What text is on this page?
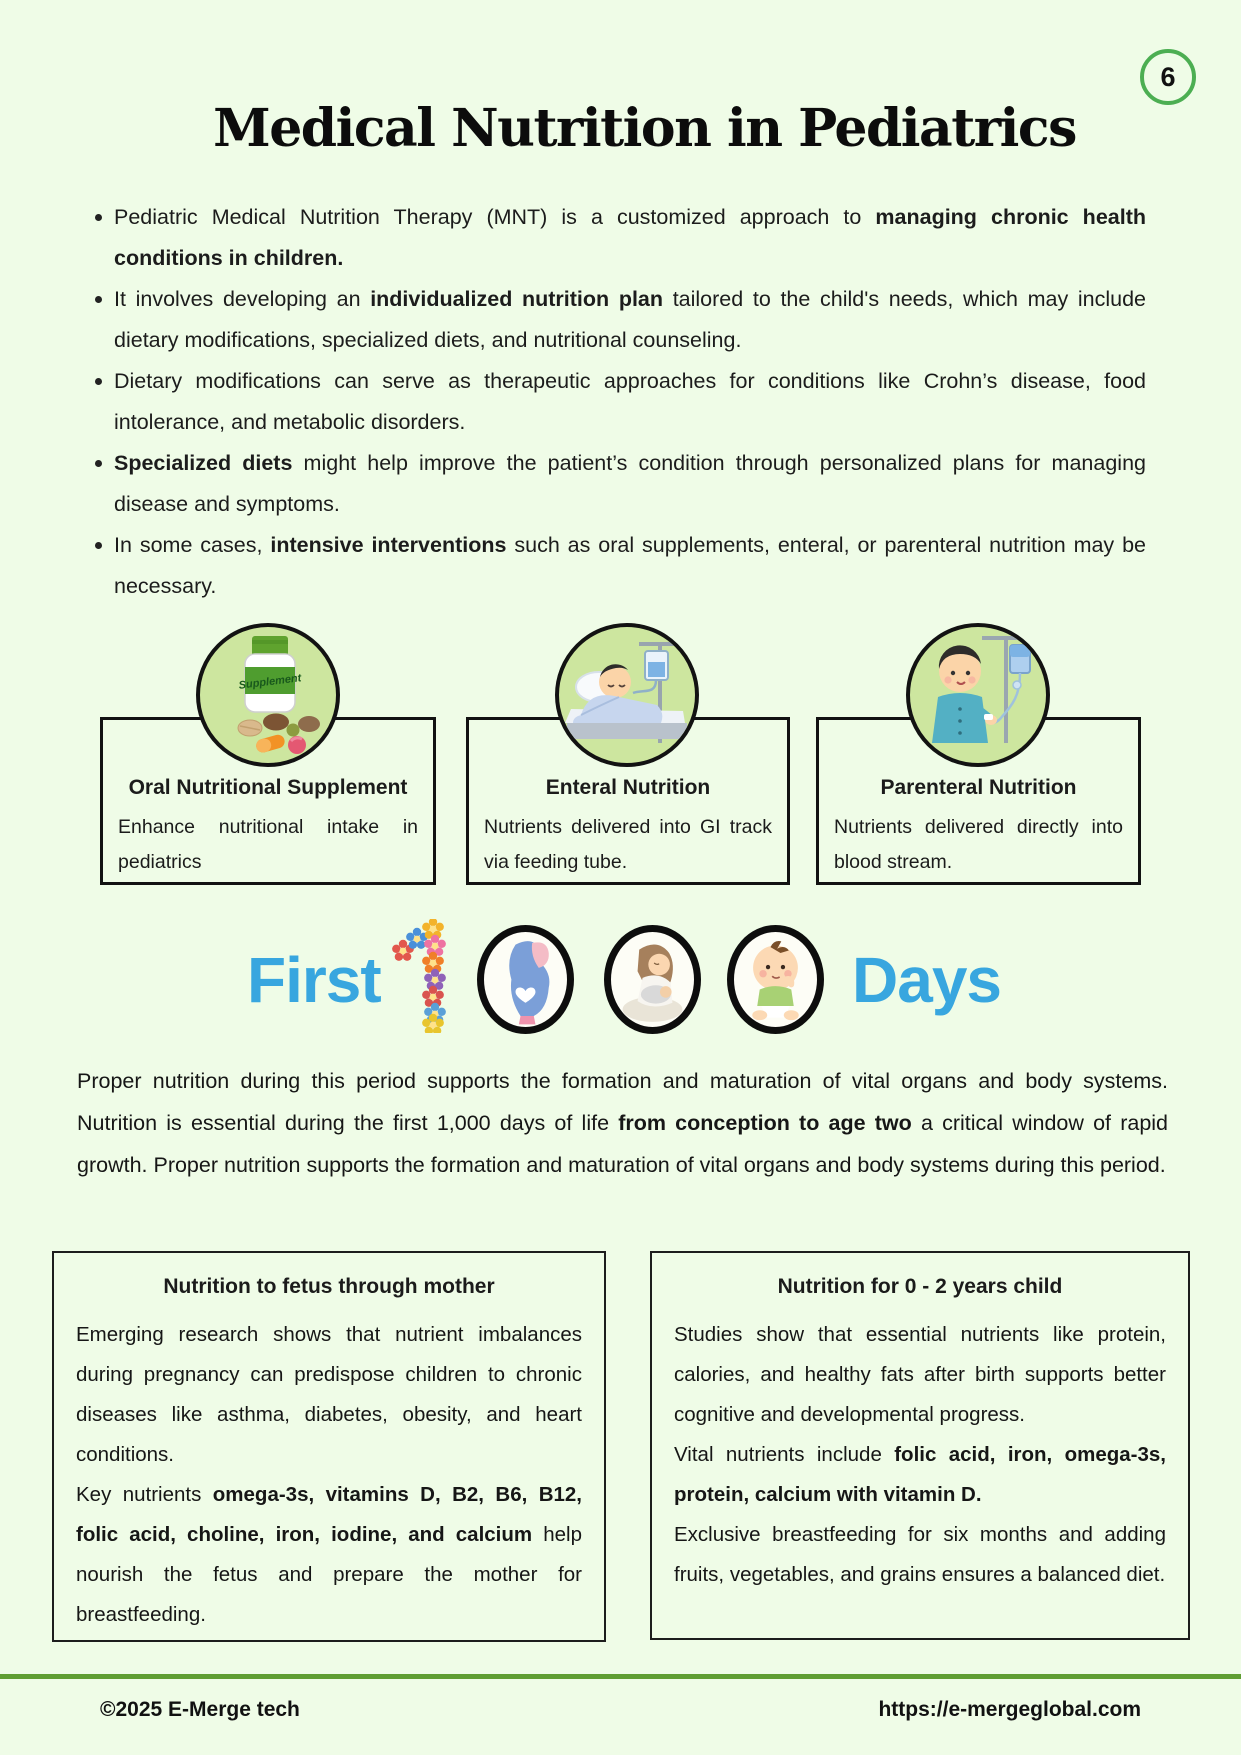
6
Medical Nutrition in Pediatrics
Pediatric Medical Nutrition Therapy (MNT) is a customized approach to managing chronic health conditions in children.
It involves developing an individualized nutrition plan tailored to the child's needs, which may include dietary modifications, specialized diets, and nutritional counseling.
Dietary modifications can serve as therapeutic approaches for conditions like Crohn’s disease, food intolerance, and metabolic disorders.
Specialized diets might help improve the patient’s condition through personalized plans for managing disease and symptoms.
In some cases, intensive interventions such as oral supplements, enteral, or parenteral nutrition may be necessary.
Supplement
Oral Nutritional Supplement
Enhance nutritional intake in pediatrics
Enteral Nutrition
Nutrients delivered into GI track via feeding tube.
Parenteral Nutrition
Nutrients delivered directly into blood stream.
First	Days

Proper nutrition during this period supports the formation and maturation of vital organs and body systems. Nutrition is essential during the first 1,000 days of life from conception to age two a critical window of rapid growth. Proper nutrition supports the formation and maturation of vital organs and body systems during this period.

Nutrition to fetus through mother

Emerging research shows that nutrient imbalances during pregnancy can predispose children to chronic diseases like asthma, diabetes, obesity, and heart conditions.

Key nutrients omega-3s, vitamins D, B2, B6, B12, folic acid, choline, iron, iodine, and calcium help nourish the fetus and prepare the mother for breastfeeding.

Nutrition for 0 - 2 years child

Studies show that essential nutrients like protein, calories, and healthy fats after birth supports better cognitive and developmental progress.

Vital nutrients include folic acid, iron, omega-3s, protein, calcium with vitamin D.

Exclusive breastfeeding for six months and adding fruits, vegetables, and grains ensures a balanced diet.

©2025 E-Merge tech	https://e-mergeglobal.com
